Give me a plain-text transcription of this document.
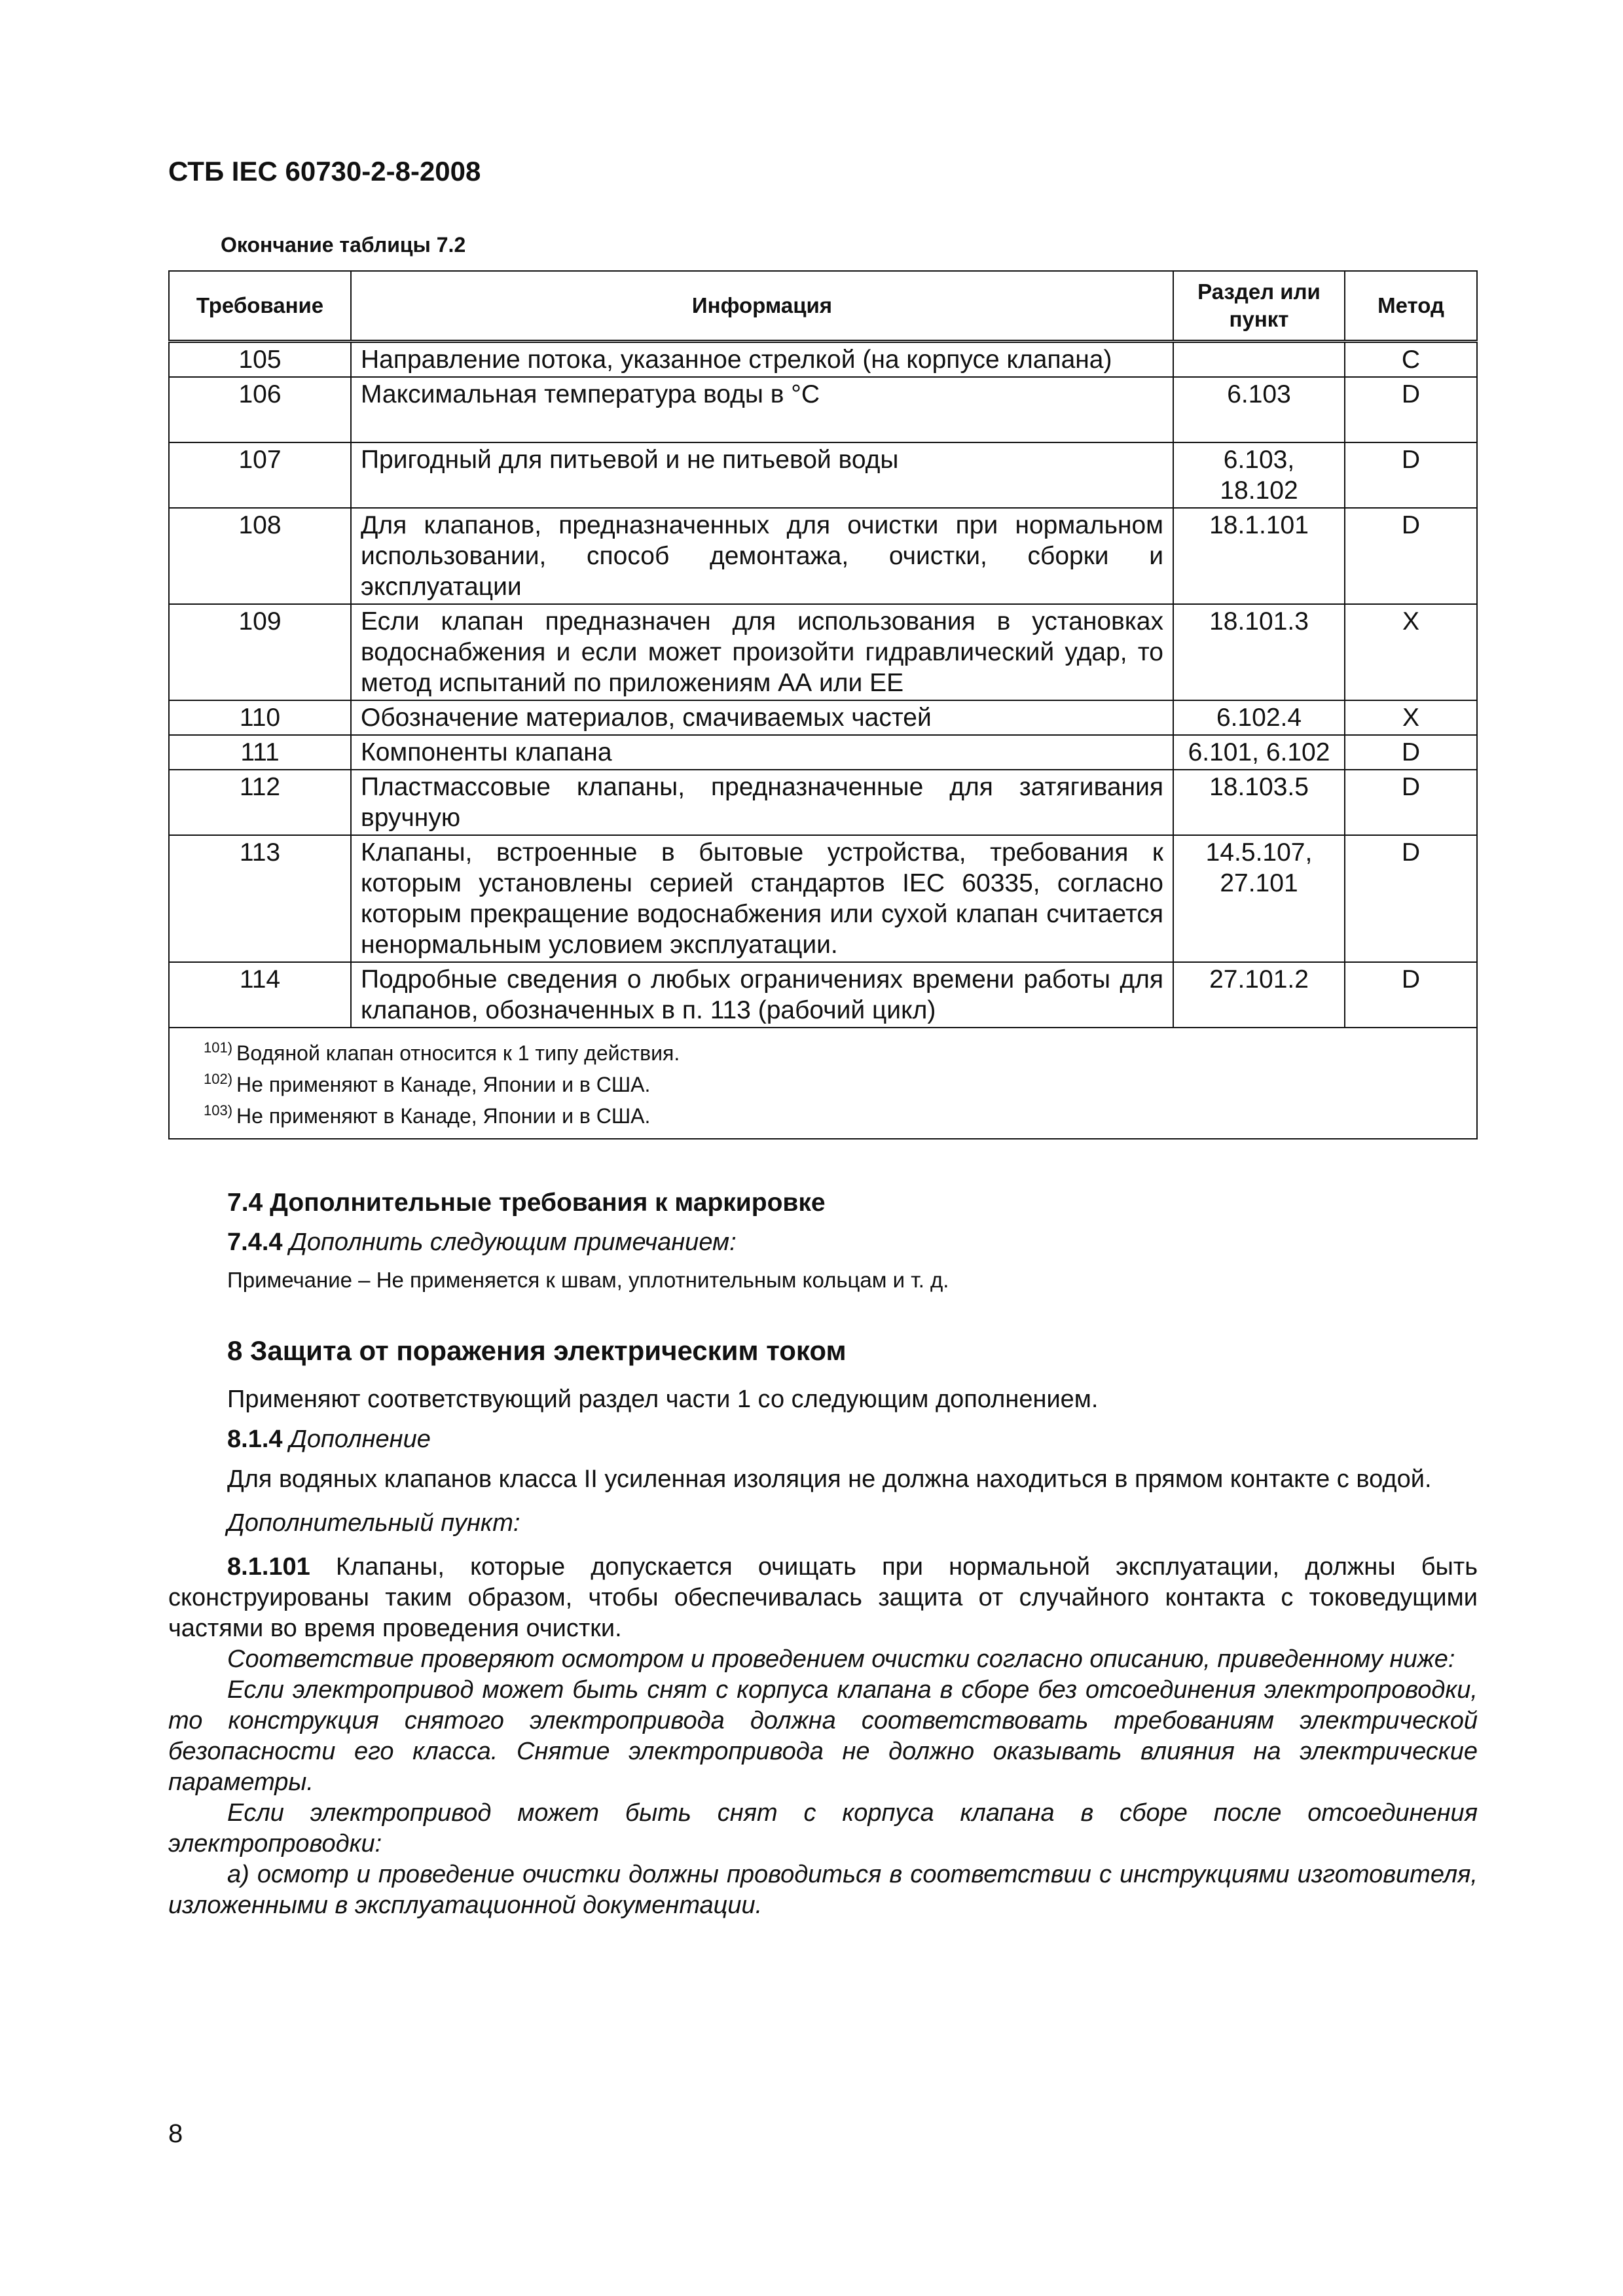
СТБ IEC 60730-2-8-2008
Окончание таблицы 7.2
Требование	Информация	Раздел или пункт	Метод
105	Направление потока, указанное стрелкой (на корпусе клапана)		C
106	Максимальная температура воды в °C	6.103	D
107	Пригодный для питьевой и не питьевой воды	6.103, 18.102	D
108	Для клапанов, предназначенных для очистки при нормальном использовании, способ демонтажа, очистки, сборки и эксплуатации	18.1.101	D
109	Если клапан предназначен для использования в установках водоснабжения и если может произойти гидравлический удар, то метод испытаний по приложениям АА или ЕЕ	18.101.3	X
110	Обозначение материалов, смачиваемых частей	6.102.4	X
111	Компоненты клапана	6.101, 6.102	D
112	Пластмассовые клапаны, предназначенные для затягивания вручную	18.103.5	D
113	Клапаны, встроенные в бытовые устройства, требования к которым установлены серией стандартов IEC 60335, согласно которым прекращение водоснабжения или сухой клапан считается ненормальным условием эксплуатации.	14.5.107, 27.101	D
114	Подробные сведения о любых ограничениях времени работы для клапанов, обозначенных в п. 113 (рабочий цикл)	27.101.2	D

$^{101)}$ Водяной клапан относится к 1 типу действия.
$^{102)}$ Не применяют в Канаде, Японии и в США.
$^{103)}$ Не применяют в Канаде, Японии и в США.			

7.4 Дополнительные требования к маркировке

7.4.4 Дополнить следующим примечанием:

Примечание – Не применяется к швам, уплотнительным кольцам и т. д.

8 Защита от поражения электрическим током

Применяют соответствующий раздел части 1 со следующим дополнением.

8.1.4 Дополнение

Для водяных клапанов класса II усиленная изоляция не должна находиться в прямом контакте с водой.

Дополнительный пункт:

8.1.101 Клапаны, которые допускается очищать при нормальной эксплуатации, должны быть сконструированы таким образом, чтобы обеспечивалась защита от случайного контакта с токоведущими частями во время проведения очистки.

Соответствие проверяют осмотром и проведением очистки согласно описанию, приведенному ниже:

Если электропривод может быть снят с корпуса клапана в сборе без отсоединения электропроводки, то конструкция снятого электропривода должна соответствовать требованиям электрической безопасности его класса. Снятие электропривода не должно оказывать влияния на электрические параметры.

Если электропривод может быть снят с корпуса клапана в сборе после отсоединения электропроводки:

а) осмотр и проведение очистки должны проводиться в соответствии с инструкциями изготовителя, изложенными в эксплуатационной документации.

8
